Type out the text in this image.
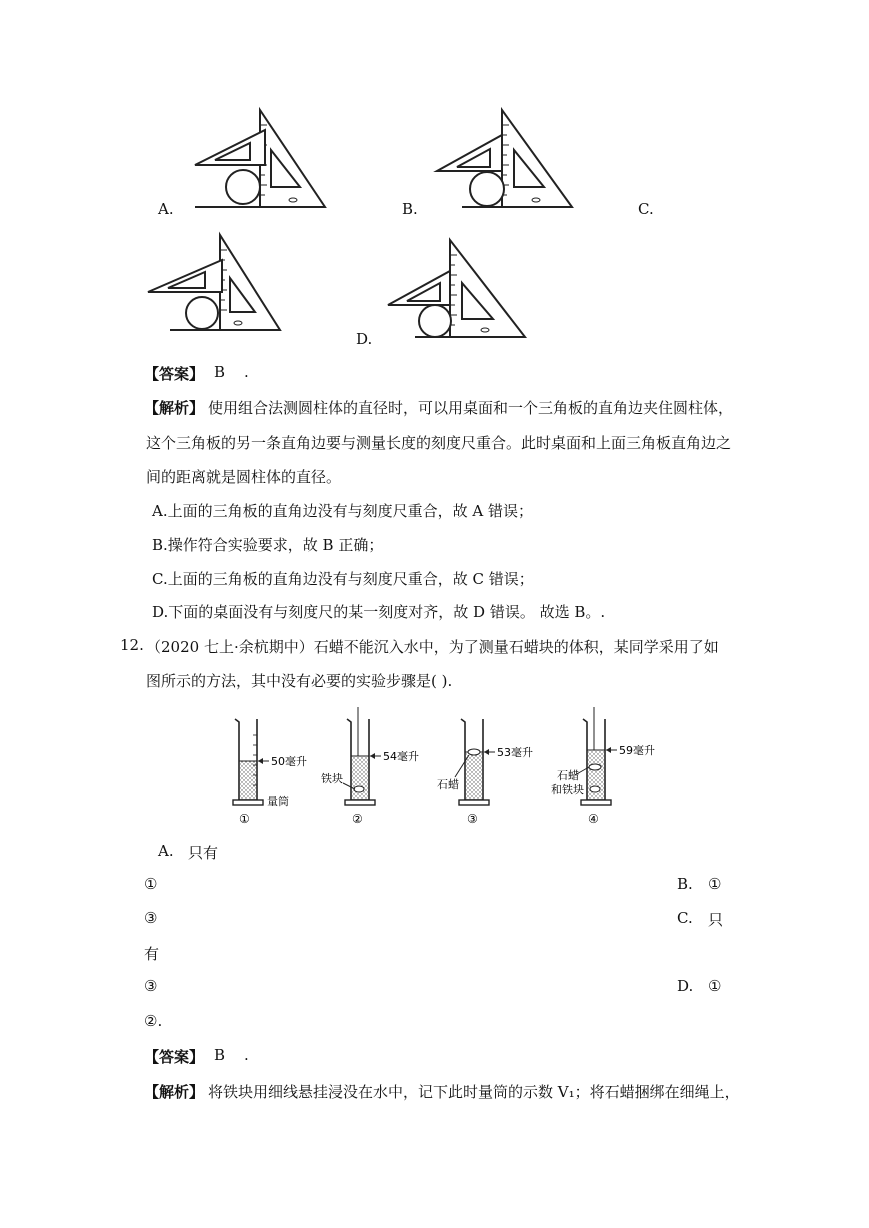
A.	B.	C.
D.
【答案】 B .
【解析】 使用组合法测圆柱体的直径时，可以用桌面和一个三角板的直角边夹住圆柱体，
这个三角板的另一条直角边要与测量长度的刻度尺重合。此时桌面和上面三角板直角边之
间的距离就是圆柱体的直径。
A.上面的三角板的直角边没有与刻度尺重合，故 A 错误；
B.操作符合实验要求，故 B 正确；
C.上面的三角板的直角边没有与刻度尺重合，故 C 错误；
D.下面的桌面没有与刻度尺的某一刻度对齐，故 D 错误。 故选 B。.
12. （2020 七上·余杭期中）石蜡不能沉入水中，为了测量石蜡块的体积，某同学采用了如
图所示的方法，其中没有必要的实验步骤是( ).
50毫升
量筒
①
54毫升
铁块
②
53毫升
石蜡
③
59毫升
石蜡
和铁块
④
A. 只有
①	B. ①
③	C. 只
有
③	D. ①
②.
【答案】 B .
【解析】 将铁块用细线悬挂浸没在水中，记下此时量筒的示数 V₁；将石蜡捆绑在细绳上，
